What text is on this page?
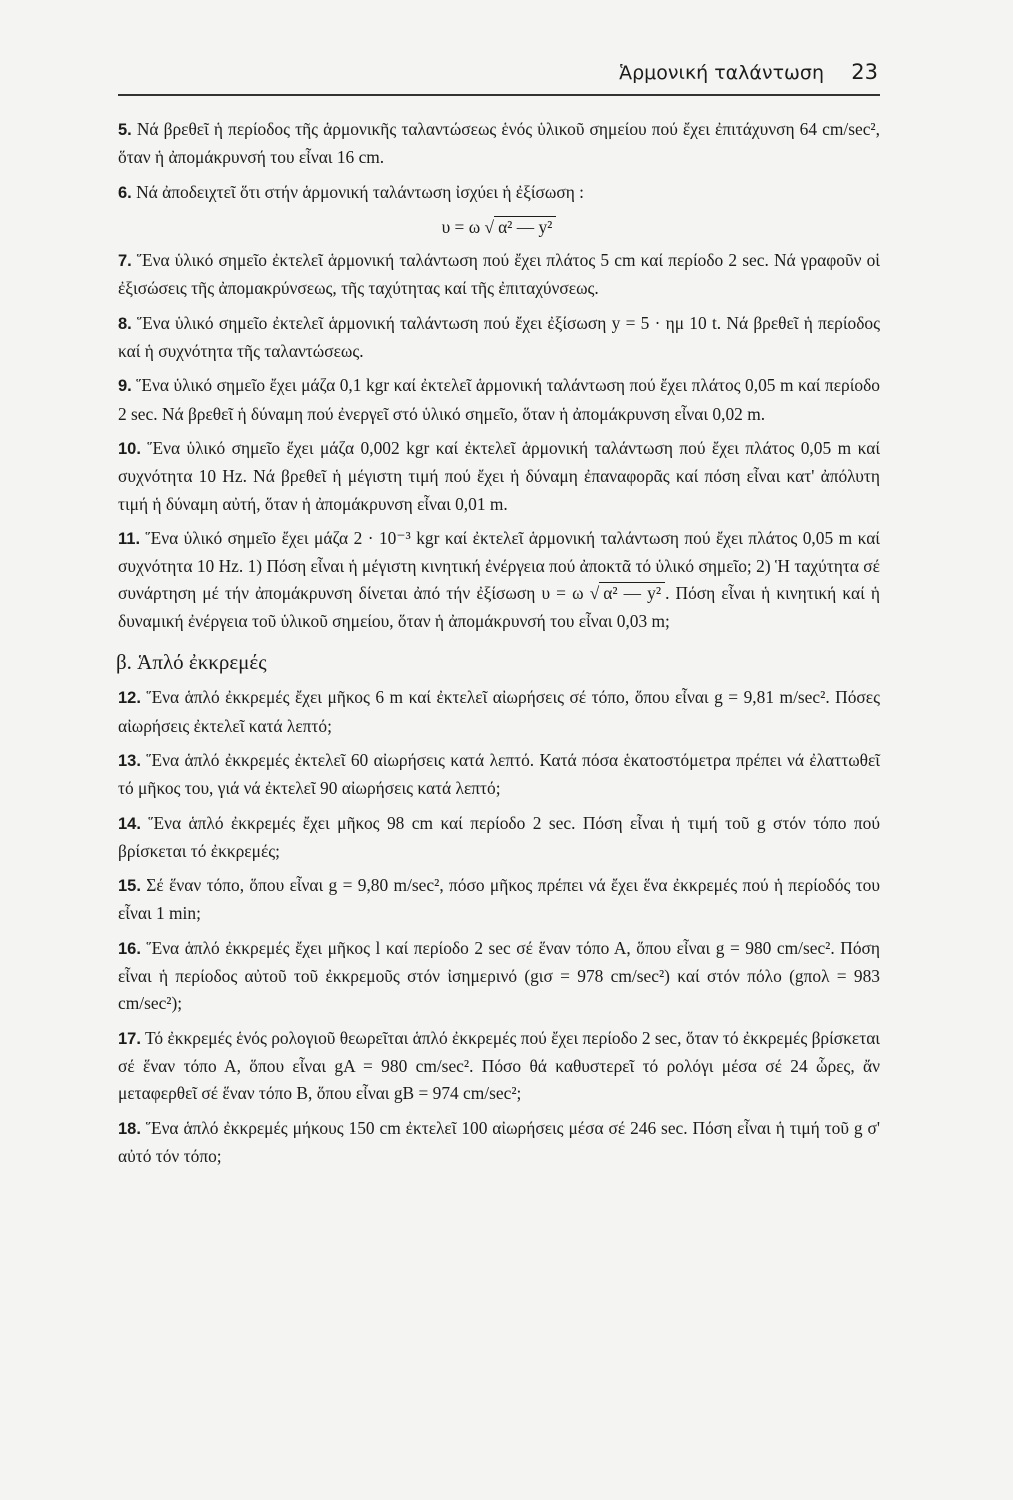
Ἁρμονική ταλάντωση 23

5. Νά βρεθεῖ ἡ περίοδος τῆς ἁρμονικῆς ταλαντώσεως ἑνός ὑλικοῦ σημείου πού ἔχει ἐπιτάχυνση 64 cm/sec², ὅταν ἡ ἀπομάκρυνσή του εἶναι 16 cm.

6. Νά ἀποδειχτεῖ ὅτι στήν ἁρμονική ταλάντωση ἰσχύει ἡ ἐξίσωση :

υ = ω √ α² — y²

7. Ἕνα ὑλικό σημεῖο ἐκτελεῖ ἁρμονική ταλάντωση πού ἔχει πλάτος 5 cm καί περίοδο 2 sec. Νά γραφοῦν οἱ ἐξισώσεις τῆς ἀπομακρύνσεως, τῆς ταχύτητας καί τῆς ἐπιταχύνσεως.

8. Ἕνα ὑλικό σημεῖο ἐκτελεῖ ἁρμονική ταλάντωση πού ἔχει ἐξίσωση y = 5 · ημ 10 t. Νά βρεθεῖ ἡ περίοδος καί ἡ συχνότητα τῆς ταλαντώσεως.

9. Ἕνα ὑλικό σημεῖο ἔχει μάζα 0,1 kgr καί ἐκτελεῖ ἁρμονική ταλάντωση πού ἔχει πλάτος 0,05 m καί περίοδο 2 sec. Νά βρεθεῖ ἡ δύναμη πού ἐνεργεῖ στό ὑλικό σημεῖο, ὅταν ἡ ἀπομάκρυνση εἶναι 0,02 m.

10. Ἕνα ὑλικό σημεῖο ἔχει μάζα 0,002 kgr καί ἐκτελεῖ ἁρμονική ταλάντωση πού ἔχει πλάτος 0,05 m καί συχνότητα 10 Hz. Νά βρεθεῖ ἡ μέγιστη τιμή πού ἔχει ἡ δύναμη ἐπαναφορᾶς καί πόση εἶναι κατ' ἀπόλυτη τιμή ἡ δύναμη αὐτή, ὅταν ἡ ἀπομάκρυνση εἶναι 0,01 m.

11. Ἕνα ὑλικό σημεῖο ἔχει μάζα 2 · 10⁻³ kgr καί ἐκτελεῖ ἁρμονική ταλάντωση πού ἔχει πλάτος 0,05 m καί συχνότητα 10 Hz. 1) Πόση εἶναι ἡ μέγιστη κινητική ἐνέργεια πού ἀποκτᾶ τό ὑλικό σημεῖο; 2) Ἡ ταχύτητα σέ συνάρτηση μέ τήν ἀπομάκρυνση δίνεται ἀπό τήν ἐξίσωση υ = ω √ α² — y² . Πόση εἶναι ἡ κινητική καί ἡ δυναμική ἐνέργεια τοῦ ὑλικοῦ σημείου, ὅταν ἡ ἀπομάκρυνσή του εἶναι 0,03 m;

β. Ἁπλό ἐκκρεμές

12. Ἕνα ἁπλό ἐκκρεμές ἔχει μῆκος 6 m καί ἐκτελεῖ αἰωρήσεις σέ τόπο, ὅπου εἶναι g = 9,81 m/sec². Πόσες αἰωρήσεις ἐκτελεῖ κατά λεπτό;

13. Ἕνα ἁπλό ἐκκρεμές ἐκτελεῖ 60 αἰωρήσεις κατά λεπτό. Κατά πόσα ἑκατοστόμετρα πρέπει νά ἐλαττωθεῖ τό μῆκος του, γιά νά ἐκτελεῖ 90 αἰωρήσεις κατά λεπτό;

14. Ἕνα ἁπλό ἐκκρεμές ἔχει μῆκος 98 cm καί περίοδο 2 sec. Πόση εἶναι ἡ τιμή τοῦ g στόν τόπο πού βρίσκεται τό ἐκκρεμές;

15. Σέ ἕναν τόπο, ὅπου εἶναι g = 9,80 m/sec², πόσο μῆκος πρέπει νά ἔχει ἕνα ἐκκρεμές πού ἡ περίοδός του εἶναι 1 min;

16. Ἕνα ἁπλό ἐκκρεμές ἔχει μῆκος l καί περίοδο 2 sec σέ ἕναν τόπο Α, ὅπου εἶναι g = 980 cm/sec². Πόση εἶναι ἡ περίοδος αὐτοῦ τοῦ ἐκκρεμοῦς στόν ἰσημερινό (gισ = 978 cm/sec²) καί στόν πόλο (gπολ = 983 cm/sec²);

17. Τό ἐκκρεμές ἑνός ρολογιοῦ θεωρεῖται ἁπλό ἐκκρεμές πού ἔχει περίοδο 2 sec, ὅταν τό ἐκκρεμές βρίσκεται σέ ἕναν τόπο Α, ὅπου εἶναι gA = 980 cm/sec². Πόσο θά καθυστερεῖ τό ρολόγι μέσα σέ 24 ὧρες, ἄν μεταφερθεῖ σέ ἕναν τόπο Β, ὅπου εἶναι gB = 974 cm/sec²;

18. Ἕνα ἁπλό ἐκκρεμές μήκους 150 cm ἐκτελεῖ 100 αἰωρήσεις μέσα σέ 246 sec. Πόση εἶναι ἡ τιμή τοῦ g σ' αὐτό τόν τόπο;
